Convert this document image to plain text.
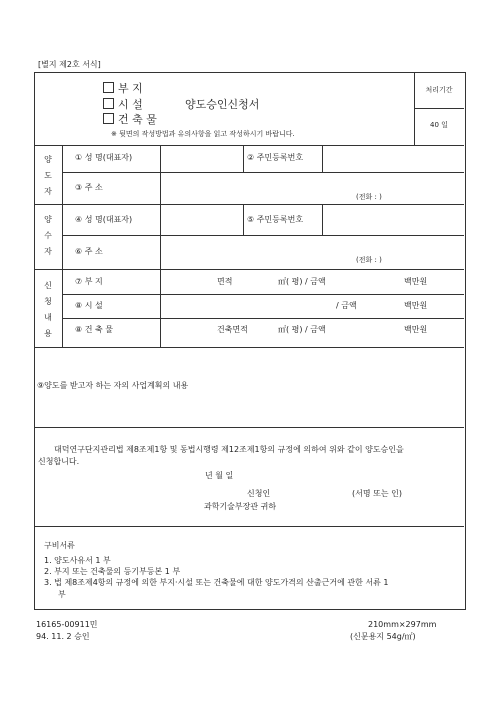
[별지 제2호 서식]
부 지
시 설	양도승인신청서
건 축 물
※ 뒷면의 작성방법과 유의사항을 읽고 작성하시기 바랍니다.
처리기간
40 일
양
도
자
① 성 명(대표자)	② 주민등록번호
③ 주 소
(전화 : )
양
수
자
④ 성 명(대표자)	⑤ 주민등록번호
⑥ 주 소
(전화 : )
신
청
내
용
⑦ 부 지	면적	㎡( 평) / 금액	백만원
⑧ 시 설	/ 금액	백만원
⑧ 건 축 물	건축면적	㎡( 평) / 금액	백만원
⑨양도를 받고자 하는 자의 사업계획의 내용
대덕연구단지관리법 제8조제1항 및 동법시행령 제12조제1항의 규정에 의하여 위와 같이 양도승인을
신청합니다.
년 월 일
신청인	(서명 또는 인)
과학기술부장관 귀하
구비서류
1. 양도사유서 1 부
2. 부지 또는 건축물의 등기부등본 1 부
3. 법 제8조제4항의 규정에 의한 부지·시설 또는 건축물에 대한 양도가격의 산출근거에 관한 서류 1
부
16165-00911민
94. 11. 2 승인
210mm×297mm
(신문용지 54g/㎡)
